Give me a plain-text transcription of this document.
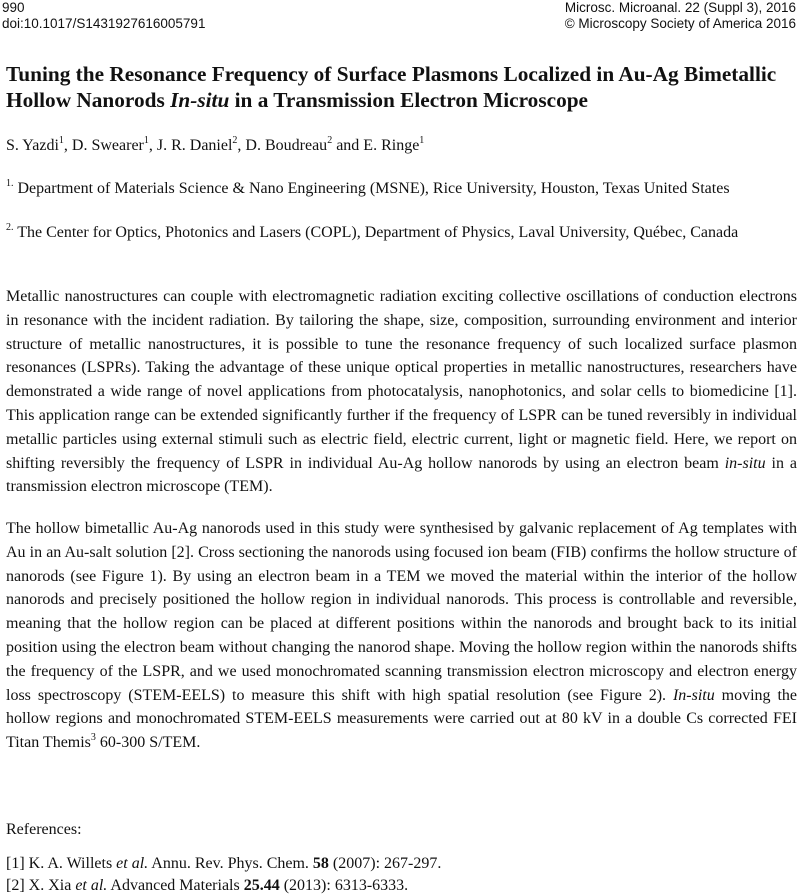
990
doi:10.1017/S1431927616005791
Microsc. Microanal. 22 (Suppl 3), 2016
© Microscopy Society of America 2016
Tuning the Resonance Frequency of Surface Plasmons Localized in Au-Ag Bimetallic Hollow Nanorods In-situ in a Transmission Electron Microscope
S. Yazdi$^1$, D. Swearer$^1$, J. R. Daniel$^2$, D. Boudreau$^2$ and E. Ringe$^1$
$^{1.}$ Department of Materials Science & Nano Engineering (MSNE), Rice University, Houston, Texas United States
$^{2.}$ The Center for Optics, Photonics and Lasers (COPL), Department of Physics, Laval University, Québec, Canada

Metallic nanostructures can couple with electromagnetic radiation exciting collective oscillations of conduction electrons in resonance with the incident radiation. By tailoring the shape, size, composition, surrounding environment and interior structure of metallic nanostructures, it is possible to tune the resonance frequency of such localized surface plasmon resonances (LSPRs). Taking the advantage of these unique optical properties in metallic nanostructures, researchers have demonstrated a wide range of novel applications from photocatalysis, nanophotonics, and solar cells to biomedicine [1]. This application range can be extended significantly further if the frequency of LSPR can be tuned reversibly in individual metallic particles using external stimuli such as electric field, electric current, light or magnetic field. Here, we report on shifting reversibly the frequency of LSPR in individual Au-Ag hollow nanorods by using an electron beam in-situ in a transmission electron microscope (TEM).

The hollow bimetallic Au-Ag nanorods used in this study were synthesised by galvanic replacement of Ag templates with Au in an Au-salt solution [2]. Cross sectioning the nanorods using focused ion beam (FIB) confirms the hollow structure of nanorods (see Figure 1). By using an electron beam in a TEM we moved the material within the interior of the hollow nanorods and precisely positioned the hollow region in individual nanorods. This process is controllable and reversible, meaning that the hollow region can be placed at different positions within the nanorods and brought back to its initial position using the electron beam without changing the nanorod shape. Moving the hollow region within the nanorods shifts the frequency of the LSPR, and we used monochromated scanning transmission electron microscopy and electron energy loss spectroscopy (STEM-EELS) to measure this shift with high spatial resolution (see Figure 2). In-situ moving the hollow regions and monochromated STEM-EELS measurements were carried out at 80 kV in a double Cs corrected FEI Titan Themis$^3$ 60-300 S/TEM.

References:

[1] K. A. Willets et al. Annu. Rev. Phys. Chem. 58 (2007): 267-297.

[2] X. Xia et al. Advanced Materials 25.44 (2013): 6313-6333.
